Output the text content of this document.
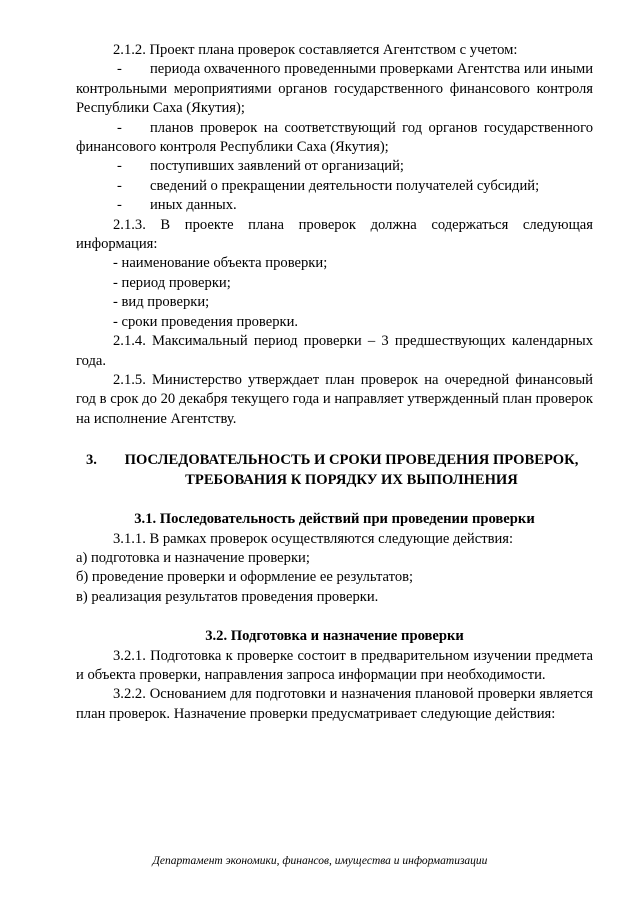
2.1.2. Проект плана проверок составляется Агентством с учетом:

- периода охваченного проведенными проверками Агентства или иными контрольными мероприятиями органов государственного финансового контроля Республики Саха (Якутия);

- планов проверок на соответствующий год органов государственного финансового контроля Республики Саха (Якутия);

- поступивших заявлений от организаций;

- сведений о прекращении деятельности получателей субсидий;

- иных данных.

2.1.3. В проекте плана проверок должна содержаться следующая информация:

- наименование объекта проверки;

- период проверки;

- вид проверки;

- сроки проведения проверки.

2.1.4. Максимальный период проверки – 3 предшествующих календарных года.

2.1.5. Министерство утверждает план проверок на очередной финансовый год в срок до 20 декабря текущего года и направляет утвержденный план проверок на исполнение Агентству.

3.	ПОСЛЕДОВАТЕЛЬНОСТЬ И СРОКИ ПРОВЕДЕНИЯ ПРОВЕРОК,
ТРЕБОВАНИЯ К ПОРЯДКУ ИХ ВЫПОЛНЕНИЯ

3.1. Последовательность действий при проведении проверки

3.1.1. В рамках проверок осуществляются следующие действия:

а) подготовка и назначение проверки;

б) проведение проверки и оформление ее результатов;

в) реализация результатов проведения проверки.

3.2. Подготовка и назначение проверки

3.2.1. Подготовка к проверке состоит в предварительном изучении предмета и объекта проверки, направления запроса информации при необходимости.

3.2.2. Основанием для подготовки и назначения плановой проверки является план проверок. Назначение проверки предусматривает следующие действия:

Департамент экономики, финансов, имущества и информатизации
